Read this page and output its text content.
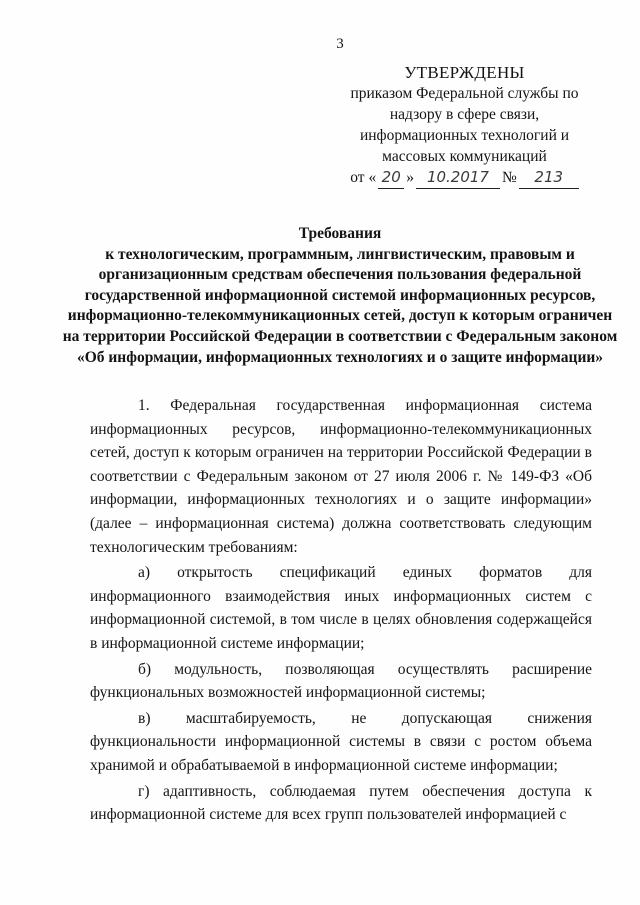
3
УТВЕРЖДЕНЫ
приказом Федеральной службы по
надзору в сфере связи,
информационных технологий и
массовых коммуникаций
от « 20 » 10.2017 №	213
Требования
к технологическим, программным, лингвистическим, правовым и организационным средствам обеспечения пользования федеральной государственной информационной системой информационных ресурсов, информационно-телекоммуникационных сетей, доступ к которым ограничен на территории Российской Федерации в соответствии с Федеральным законом «Об информации, информационных технологиях и о защите информации»

1. Федеральная государственная информационная система информационных ресурсов, информационно-телекоммуникационных сетей, доступ к которым ограничен на территории Российской Федерации в соответствии с Федеральным законом от 27 июля 2006 г. № 149-ФЗ «Об информации, информационных технологиях и о защите информации» (далее – информационная система) должна соответствовать следующим технологическим требованиям:

а) открытость спецификаций единых форматов для информационного взаимодействия иных информационных систем с информационной системой, в том числе в целях обновления содержащейся в информационной системе информации;

б) модульность, позволяющая осуществлять расширение функциональных возможностей информационной системы;

в) масштабируемость, не допускающая снижения функциональности информационной системы в связи с ростом объема хранимой и обрабатываемой в информационной системе информации;

г) адаптивность, соблюдаемая путем обеспечения доступа к информационной системе для всех групп пользователей информацией с
